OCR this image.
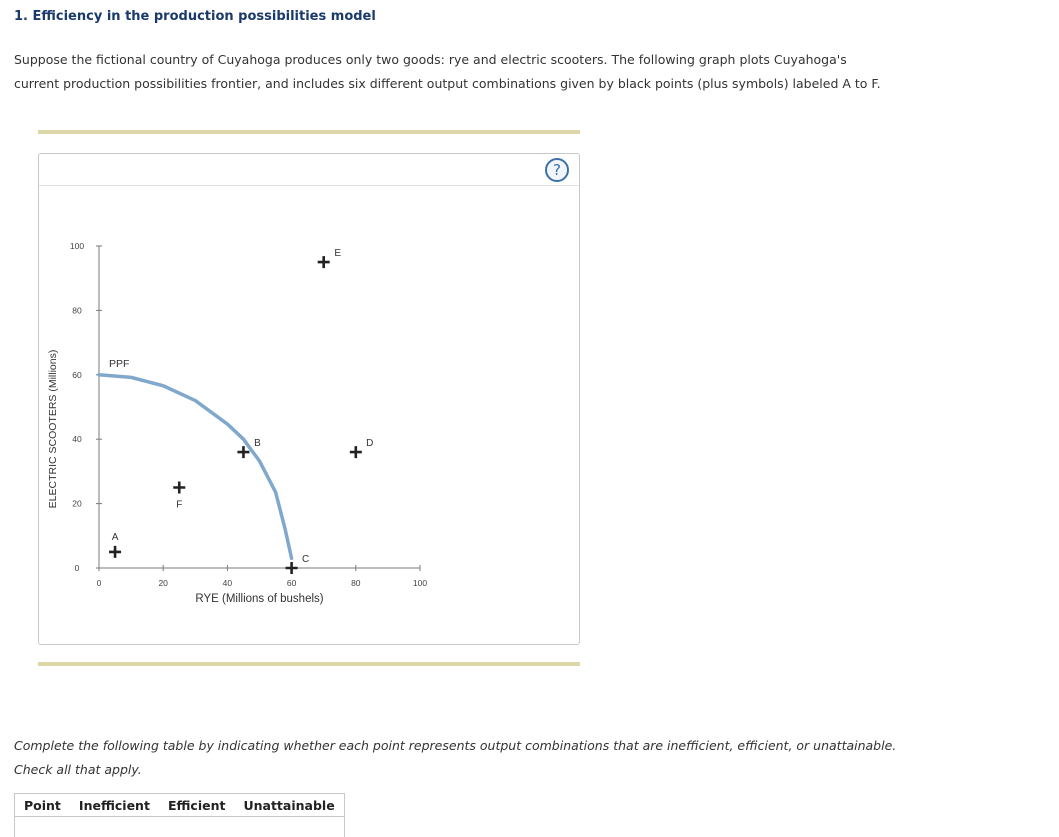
1. Efficiency in the production possibilities model
Suppose the fictional country of Cuyahoga produces only two goods: rye and electric scooters. The following graph plots Cuyahoga's current production possibilities frontier, and includes six different output combinations given by black points (plus symbols) labeled A to F.
?
0	20	40	60	80	100
0
20
40
60
80
100
RYE (Millions of bushels)
ELECTRIC SCOOTERS (Millions)	PPF
A
B
C
D
E
F
Complete the following table by indicating whether each point represents output combinations that are inefficient, efficient, or unattainable. Check all that apply.
Point	Inefficient	Efficient	Unattainable
